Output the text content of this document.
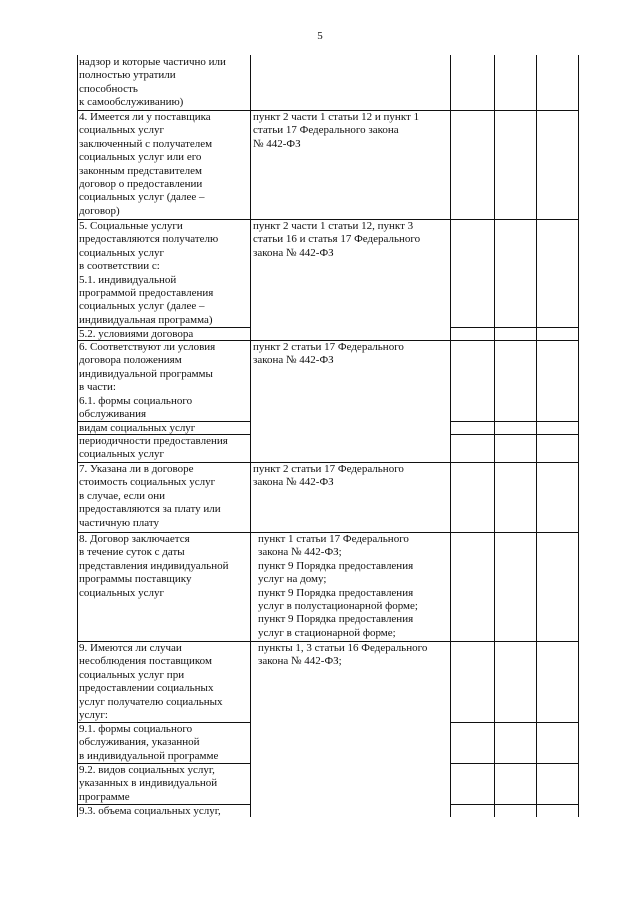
5
надзор и которые частично или
полностью утратили
способность
к самообслуживанию)
4. Имеется ли у поставщика
социальных услуг
заключенный с получателем
социальных услуг или его
законным представителем
договор о предоставлении
социальных услуг (далее –
договор)
пункт 2 части 1 статьи 12 и пункт 1
статьи 17 Федерального закона
№ 442-ФЗ
5. Социальные услуги
предоставляются получателю
социальных услуг
в соответствии с:
5.1. индивидуальной
программой предоставления
социальных услуг (далее –
индивидуальная программа)
пункт 2 части 1 статьи 12, пункт 3
статьи 16 и статья 17 Федерального
закона № 442-ФЗ
5.2. условиями договора
6. Соответствуют ли условия
договора положениям
индивидуальной программы
в части:
6.1. формы социального
обслуживания
пункт 2 статьи 17 Федерального
закона № 442-ФЗ
видам социальных услуг
периодичности предоставления
социальных услуг
7. Указана ли в договоре
стоимость социальных услуг
в случае, если они
предоставляются за плату или
частичную плату
пункт 2 статьи 17 Федерального
закона № 442-ФЗ
8. Договор заключается
в течение суток с даты
представления индивидуальной
программы поставщику
социальных услуг
пункт 1 статьи 17 Федерального
закона № 442-ФЗ;
пункт 9 Порядка предоставления
услуг на дому;
пункт 9 Порядка предоставления
услуг в полустационарной форме;
пункт 9 Порядка предоставления
услуг в стационарной форме;
9. Имеются ли случаи
несоблюдения поставщиком
социальных услуг при
предоставлении социальных
услуг получателю социальных
услуг:
пункты 1, 3 статьи 16 Федерального
закона № 442-ФЗ;
9.1. формы социального
обслуживания, указанной
в индивидуальной программе
9.2. видов социальных услуг,
указанных в индивидуальной
программе
9.3. объема социальных услуг,
